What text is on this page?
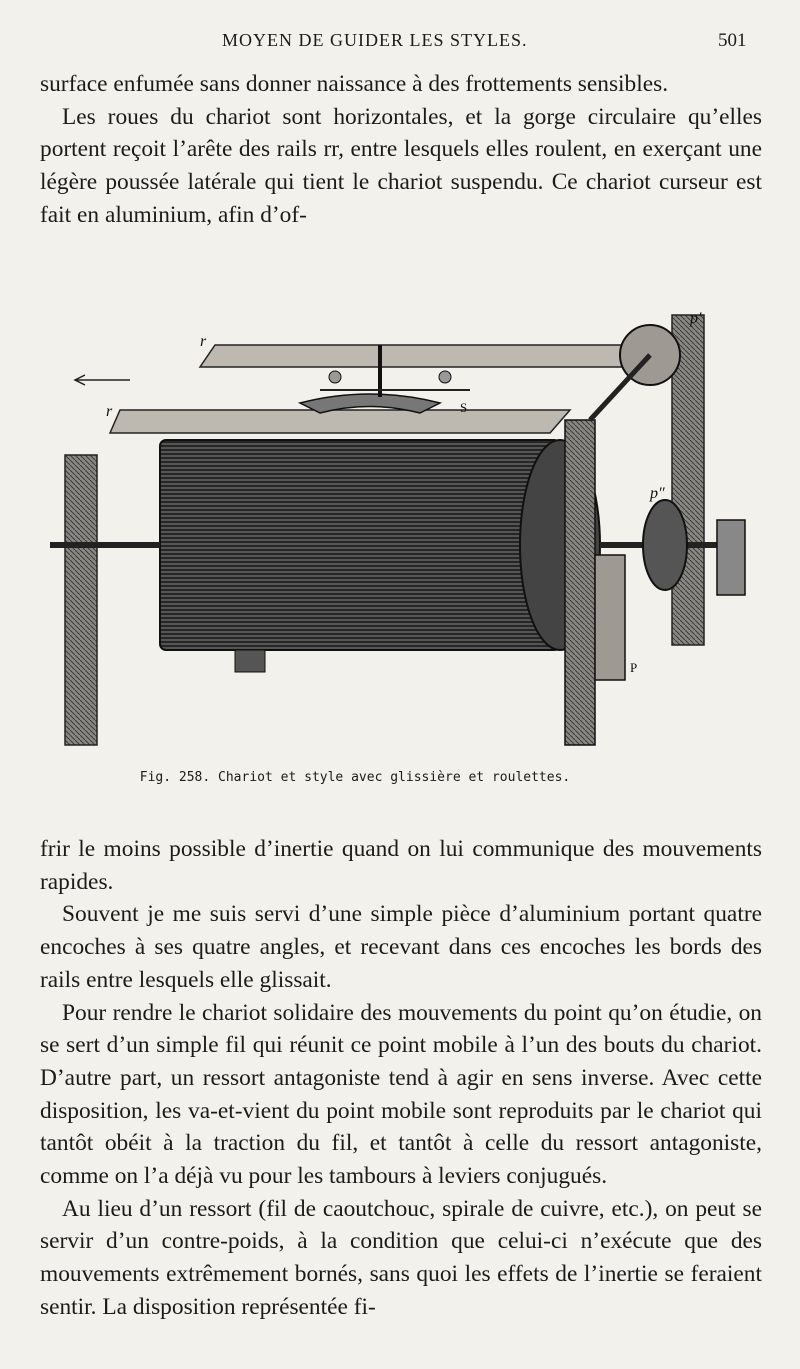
MOYEN DE GUIDER LES STYLES.	501

surface enfumée sans donner naissance à des frottements sensibles.

Les roues du chariot sont horizontales, et la gorge circulaire qu’elles portent reçoit l’arête des rails rr, entre lesquels elles roulent, en exerçant une légère poussée latérale qui tient le chariot suspendu. Ce chariot curseur est fait en aluminium, afin d’of-

r
r	S
P
p′
p″
Fig. 258. Chariot et style avec glissière et roulettes.

frir le moins possible d’inertie quand on lui communique des mouvements rapides.

Souvent je me suis servi d’une simple pièce d’aluminium portant quatre encoches à ses quatre angles, et recevant dans ces encoches les bords des rails entre lesquels elle glissait.

Pour rendre le chariot solidaire des mouvements du point qu’on étudie, on se sert d’un simple fil qui réunit ce point mobile à l’un des bouts du chariot. D’autre part, un ressort antagoniste tend à agir en sens inverse. Avec cette disposition, les va-et-vient du point mobile sont reproduits par le chariot qui tantôt obéit à la traction du fil, et tantôt à celle du ressort antagoniste, comme on l’a déjà vu pour les tambours à leviers conjugués.

Au lieu d’un ressort (fil de caoutchouc, spirale de cuivre, etc.), on peut se servir d’un contre-poids, à la condition que celui-ci n’exécute que des mouvements extrêmement bornés, sans quoi les effets de l’inertie se feraient sentir. La disposition représentée fi-
